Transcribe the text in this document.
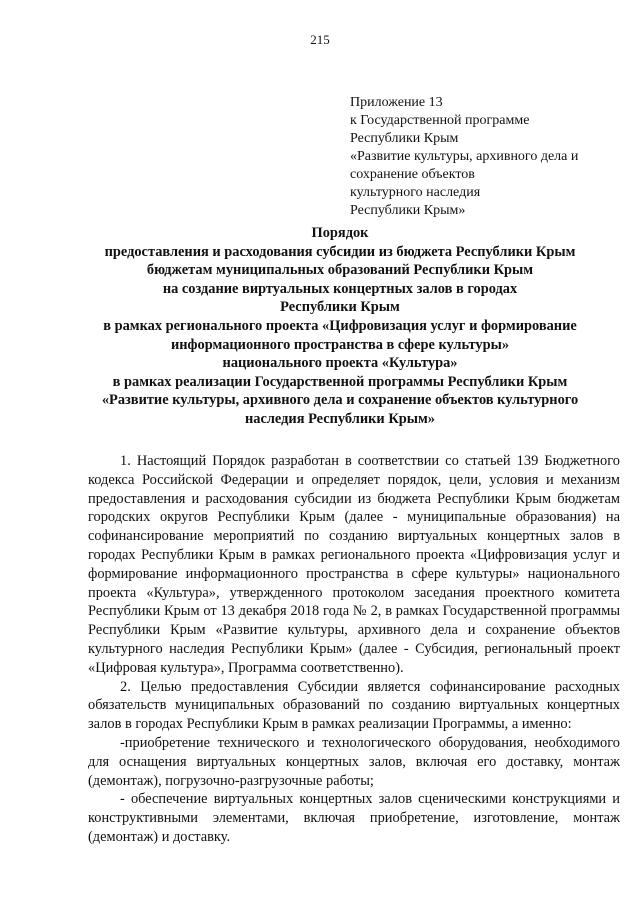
215
Приложение 13
к Государственной программе
Республики Крым
«Развитие культуры, архивного дела и
сохранение объектов
культурного наследия
Республики Крым»
Порядок
предоставления и расходования субсидии из бюджета Республики Крым
бюджетам муниципальных образований Республики Крым
на создание виртуальных концертных залов в городах
Республики Крым
в рамках регионального проекта «Цифровизация услуг и формирование
информационного пространства в сфере культуры»
национального проекта «Культура»
в рамках реализации Государственной программы Республики Крым
«Развитие культуры, архивного дела и сохранение объектов культурного
наследия Республики Крым»

1. Настоящий Порядок разработан в соответствии со статьей 139 Бюджетного кодекса Российской Федерации и определяет порядок, цели, условия и механизм предоставления и расходования субсидии из бюджета Республики Крым бюджетам городских округов Республики Крым (далее - муниципальные образования) на софинансирование мероприятий по созданию виртуальных концертных залов в городах Республики Крым в рамках регионального проекта «Цифровизация услуг и формирование информационного пространства в сфере культуры» национального проекта «Культура», утвержденного протоколом заседания проектного комитета Республики Крым от 13 декабря 2018 года № 2, в рамках Государственной программы Республики Крым «Развитие культуры, архивного дела и сохранение объектов культурного наследия Республики Крым» (далее - Субсидия, региональный проект «Цифровая культура», Программа соответственно).

2. Целью предоставления Субсидии является софинансирование расходных обязательств муниципальных образований по созданию виртуальных концертных залов в городах Республики Крым в рамках реализации Программы, а именно:

-приобретение технического и технологического оборудования, необходимого для оснащения виртуальных концертных залов, включая его доставку, монтаж (демонтаж), погрузочно-разгрузочные работы;

- обеспечение виртуальных концертных залов сценическими конструкциями и конструктивными элементами, включая приобретение, изготовление, монтаж (демонтаж) и доставку.
